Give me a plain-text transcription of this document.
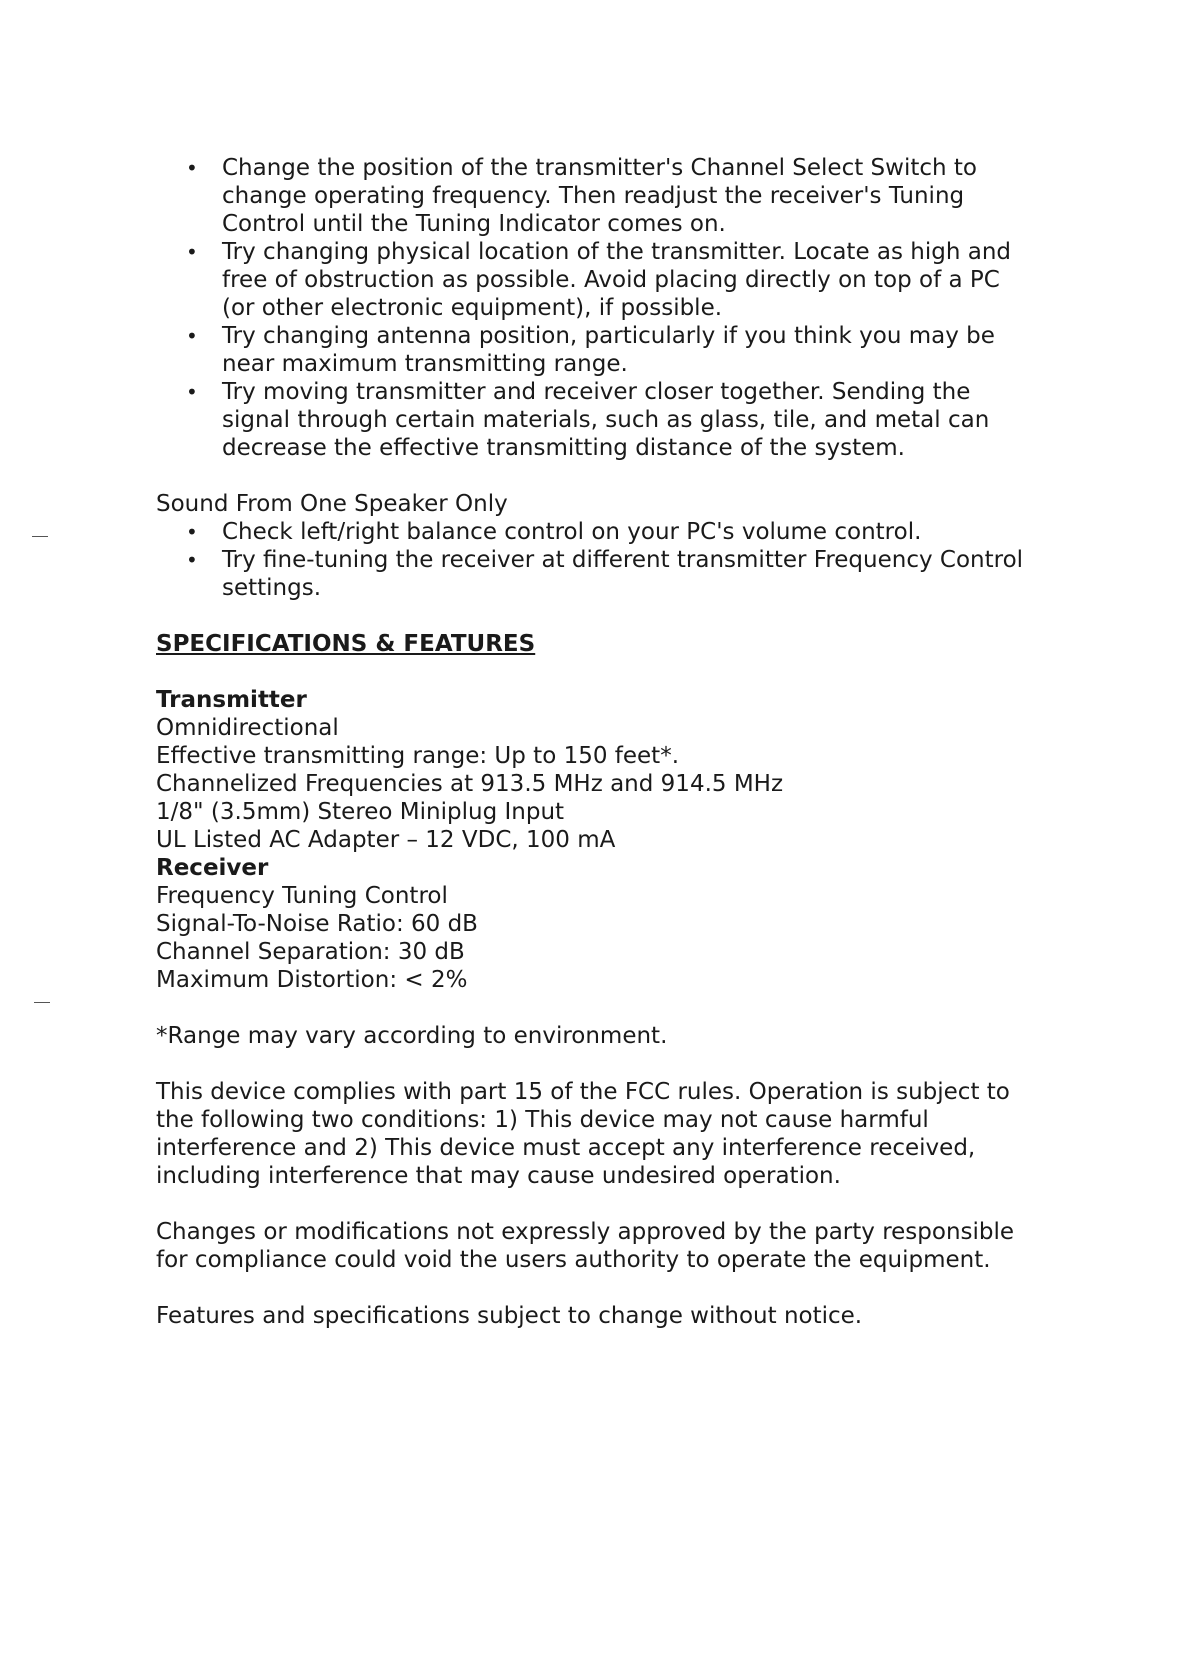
• Change the position of the transmitter's Channel Select Switch to change operating frequency. Then readjust the receiver's Tuning Control until the Tuning Indicator comes on.
• Try changing physical location of the transmitter. Locate as high and free of obstruction as possible. Avoid placing directly on top of a PC (or other electronic equipment), if possible.
• Try changing antenna position, particularly if you think you may be near maximum transmitting range.
• Try moving transmitter and receiver closer together. Sending the signal through certain materials, such as glass, tile, and metal can decrease the effective transmitting distance of the system.

Sound From One Speaker Only

• Check left/right balance control on your PC's volume control.
• Try fine-tuning the receiver at different transmitter Frequency Control settings.

SPECIFICATIONS & FEATURES

Transmitter

Omnidirectional

Effective transmitting range: Up to 150 feet*.

Channelized Frequencies at 913.5 MHz and 914.5 MHz

1/8" (3.5mm) Stereo Miniplug Input

UL Listed AC Adapter – 12 VDC, 100 mA

Receiver

Frequency Tuning Control

Signal-To-Noise Ratio: 60 dB

Channel Separation: 30 dB

Maximum Distortion: < 2%

*Range may vary according to environment.

This device complies with part 15 of the FCC rules. Operation is subject to the following two conditions: 1) This device may not cause harmful interference and 2) This device must accept any interference received, including interference that may cause undesired operation.

Changes or modifications not expressly approved by the party responsible for compliance could void the users authority to operate the equipment.

Features and specifications subject to change without notice.
